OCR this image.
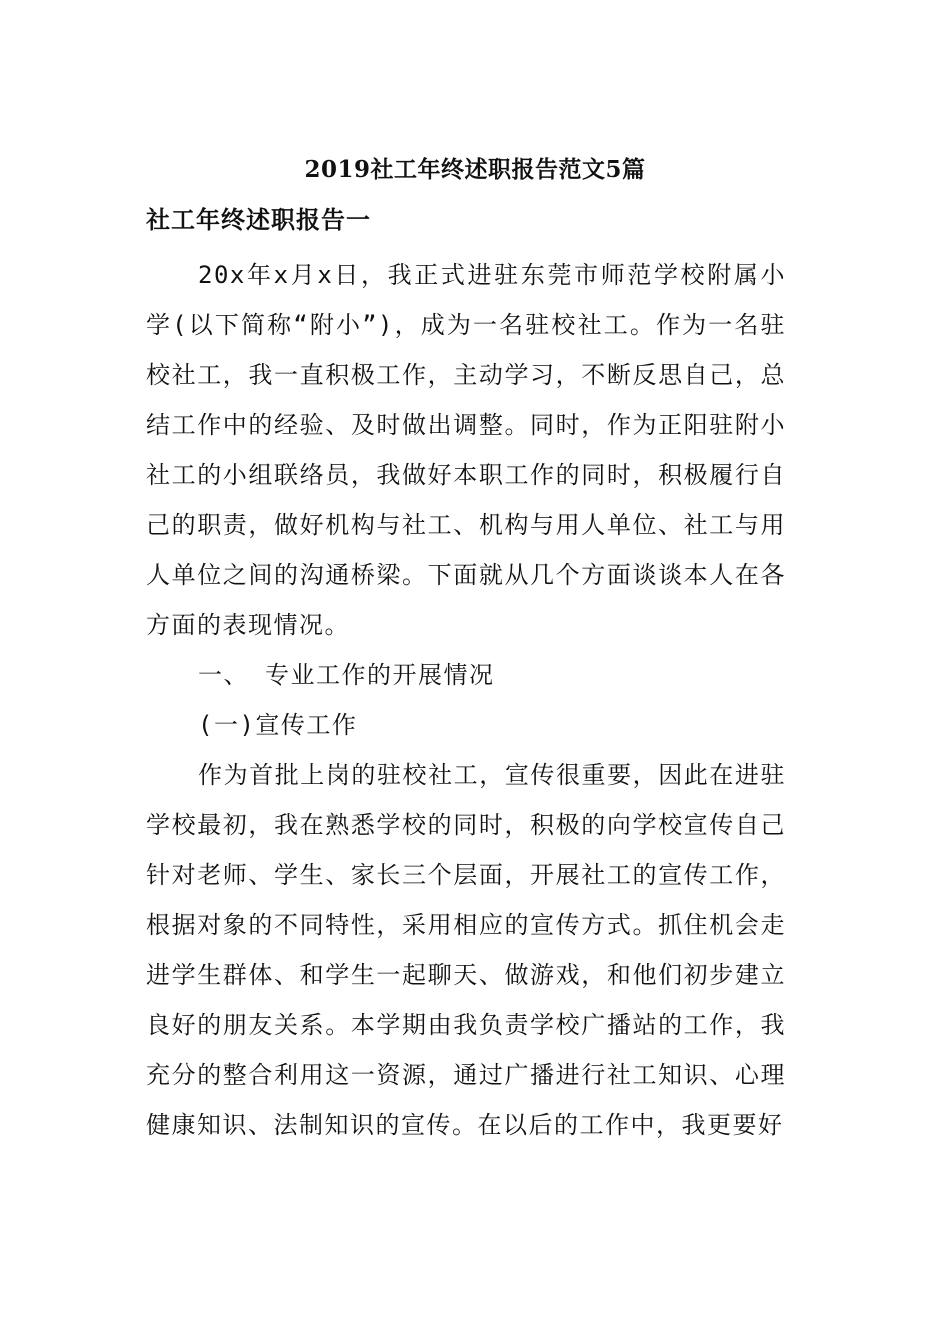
2019社工年终述职报告范文5篇
社工年终述职报告一

20x年x月x日，我正式进驻东莞市师范学校附属小学(以下简称“附小”)，成为一名驻校社工。作为一名驻校社工，我一直积极工作，主动学习，不断反思自己，总结工作中的经验、及时做出调整。同时，作为正阳驻附小社工的小组联络员，我做好本职工作的同时，积极履行自己的职责，做好机构与社工、机构与用人单位、社工与用人单位之间的沟通桥梁。下面就从几个方面谈谈本人在各方面的表现情况。

一、 专业工作的开展情况

(一)宣传工作

作为首批上岗的驻校社工，宣传很重要，因此在进驻学校最初，我在熟悉学校的同时，积极的向学校宣传自己针对老师、学生、家长三个层面，开展社工的宣传工作，根据对象的不同特性，采用相应的宣传方式。抓住机会走进学生群体、和学生一起聊天、做游戏，和他们初步建立良好的朋友关系。本学期由我负责学校广播站的工作，我充分的整合利用这一资源，通过广播进行社工知识、心理健康知识、法制知识的宣传。在以后的工作中，我更要好
